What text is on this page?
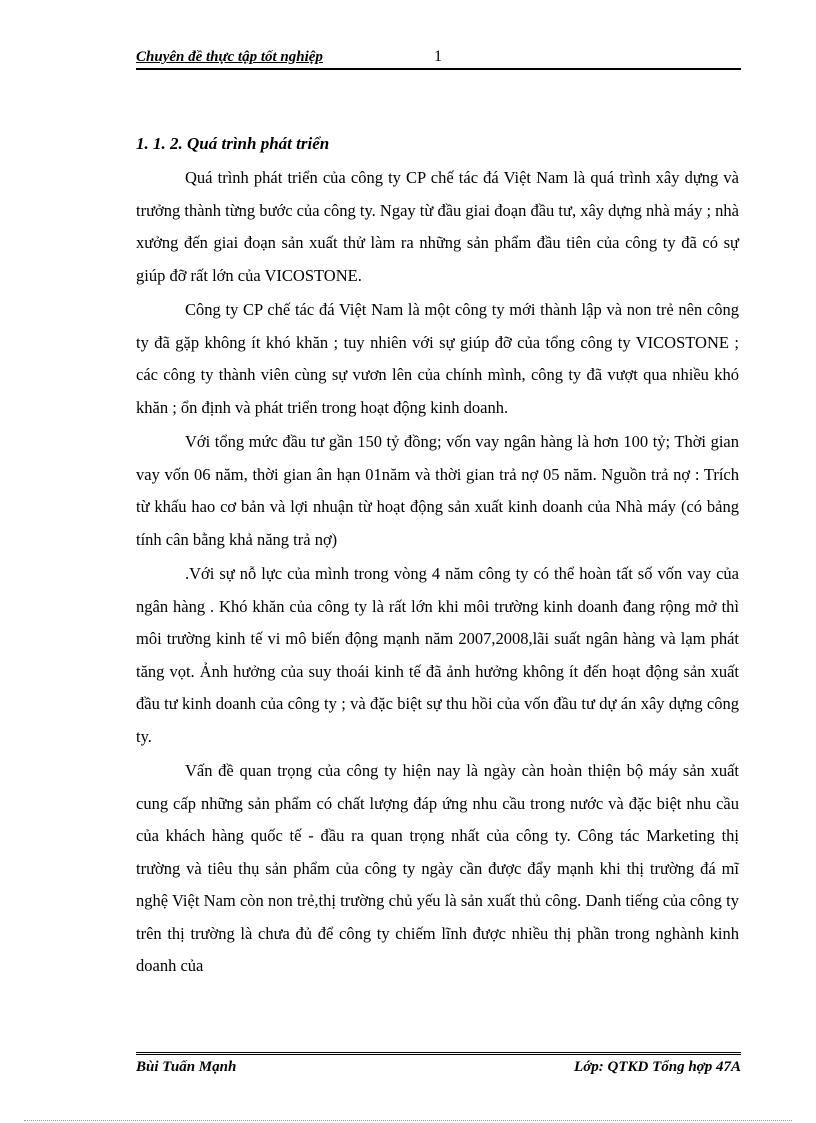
Chuyên đề thực tập tốt nghiệp	1
1. 1. 2. Quá trình phát triển

Quá trình phát triển của công ty CP chế tác đá Việt Nam là quá trình xây dựng và trưởng thành từng bước của công ty. Ngay từ đầu giai đoạn đầu tư, xây dựng nhà máy ; nhà xưởng đến giai đoạn sản xuất thử làm ra những sản phẩm đầu tiên của công ty đã có sự giúp đỡ rất lớn của VICOSTONE.

Công ty CP chế tác đá Việt Nam là một công ty mới thành lập và non trẻ nên công ty đã gặp không ít khó khăn ; tuy nhiên với sự giúp đỡ của tổng công ty VICOSTONE ; các công ty thành viên cùng sự vươn lên của chính mình, công ty đã vượt qua nhiều khó khăn ; ổn định và phát triển trong hoạt động kinh doanh.

Với tổng mức đầu tư gần 150 tỷ đồng; vốn vay ngân hàng là hơn 100 tỷ; Thời gian vay vốn 06 năm, thời gian ân hạn 01năm và thời gian trả nợ 05 năm. Nguồn trả nợ : Trích từ khấu hao cơ bản và lợi nhuận từ hoạt động sản xuất kinh doanh của Nhà máy (có bảng tính cân bằng khả năng trả nợ)

.Với sự nỗ lực của mình trong vòng 4 năm công ty có thể hoàn tất số vốn vay của ngân hàng . Khó khăn của công ty là rất lớn khi môi trường kinh doanh đang rộng mở thì môi trường kinh tế vi mô biến động mạnh năm 2007,2008,lãi suất ngân hàng và lạm phát tăng vọt. Ảnh hưởng của suy thoái kinh tế đã ảnh hưởng không ít đến hoạt động sản xuất đầu tư kinh doanh của công ty ; và đặc biệt sự thu hồi của vốn đầu tư dự án xây dựng công ty.

Vấn đề quan trọng của công ty hiện nay là ngày càn hoàn thiện bộ máy sản xuất cung cấp những sản phẩm có chất lượng đáp ứng nhu cầu trong nước và đặc biệt nhu cầu của khách hàng quốc tế - đầu ra quan trọng nhất của công ty. Công tác Marketing thị trường và tiêu thụ sản phẩm của công ty ngày cần được đẩy mạnh khi thị trường đá mĩ nghệ Việt Nam còn non trẻ,thị trường chủ yếu là sản xuất thủ công. Danh tiếng của công ty trên thị trường là chưa đủ để công ty chiếm lĩnh được nhiều thị phần trong nghành kinh doanh của

Bùi Tuấn Mạnh	Lớp: QTKD Tổng hợp 47A
